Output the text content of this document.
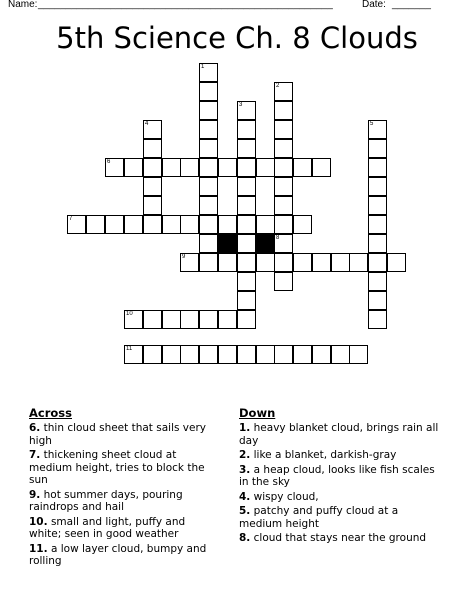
Name: _____________________________________________________	Date: _______
5th Science Ch. 8 Clouds
1
3
2
8
4	5
6
7
9
10
11
Across
6. thin cloud sheet that sails very high
7. thickening sheet cloud at medium height, tries to block the sun
9. hot summer days, pouring raindrops and hail
10. small and light, puffy and white; seen in good weather
11. a low layer cloud, bumpy and rolling
Down
1. heavy blanket cloud, brings rain all day
2. like a blanket, darkish-gray
3. a heap cloud, looks like fish scales in the sky
4. wispy cloud,
5. patchy and puffy cloud at a medium height
8. cloud that stays near the ground
